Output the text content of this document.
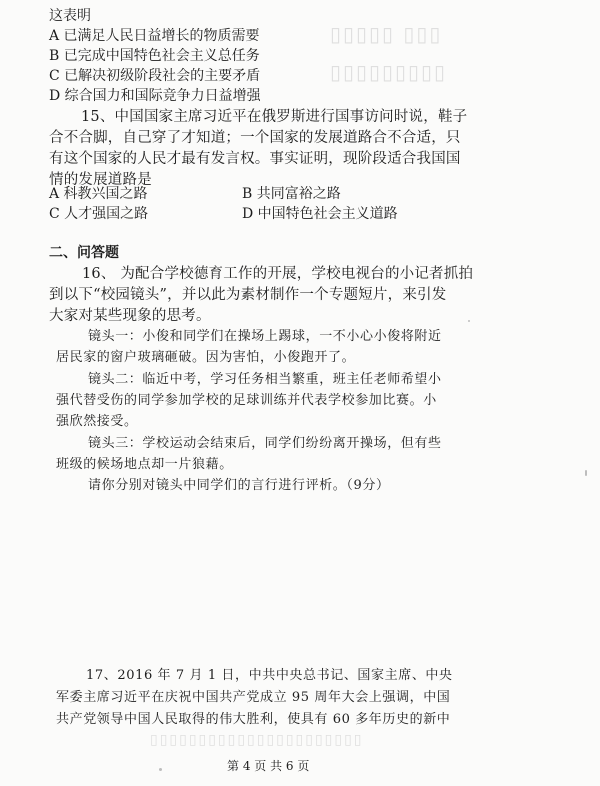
▯▯▯▯▯ ▯▯▯
▯▯▯▯▯▯▯▯▯
这表明
A 已满足人民日益增长的物质需要
B 已完成中国特色社会主义总任务
C 已解决初级阶段社会的主要矛盾
D 综合国力和国际竞争力日益增强
15、中国国家主席习近平在俄罗斯进行国事访问时说，鞋子
合不合脚，自己穿了才知道；一个国家的发展道路合不合适，只
有这个国家的人民才最有发言权。事实证明，现阶段适合我国国
情的发展道路是
A 科教兴国之路	B 共同富裕之路
C 人才强国之路	D 中国特色社会主义道路
二、问答题
16、 为配合学校德育工作的开展，学校电视台的小记者抓拍
到以下“校园镜头”，并以此为素材制作一个专题短片，来引发
大家对某些现象的思考。
镜头一：小俊和同学们在操场上踢球，一不小心小俊将附近
居民家的窗户玻璃砸破。因为害怕，小俊跑开了。
镜头二：临近中考，学习任务相当繁重，班主任老师希望小
强代替受伤的同学参加学校的足球训练并代表学校参加比赛。小
强欣然接受。
镜头三：学校运动会结束后，同学们纷纷离开操场，但有些
班级的候场地点却一片狼藉。
请你分别对镜头中同学们的言行进行评析。（9分）
17、2016 年 7 月 1 日，中共中央总书记、国家主席、中央
军委主席习近平在庆祝中国共产党成立 95 周年大会上强调，中国
共产党领导中国人民取得的伟大胜利，使具有 60 多年历史的新中
▯▯▯▯▯▯▯▯▯▯▯▯▯▯▯▯▯▯▯▯▯▯
第 4 页 共 6 页
